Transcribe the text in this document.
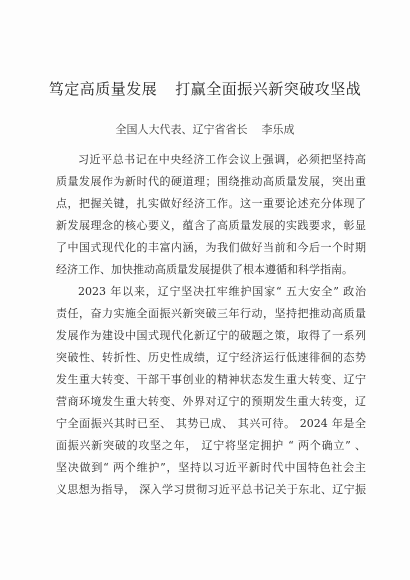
笃定高质量发展 打赢全面振兴新突破攻坚战
全国人大代表、辽宁省省长 李乐成
习近平总书记在中央经济工作会议上强调，必须把坚持高
质量发展作为新时代的硬道理；围绕推动高质量发展，突出重
点，把握关键，扎实做好经济工作。这一重要论述充分体现了
新发展理念的核心要义，蕴含了高质量发展的实践要求，彰显
了中国式现代化的丰富内涵，为我们做好当前和今后一个时期
经济工作、加快推动高质量发展提供了根本遵循和科学指南。
2023 年以来，辽宁坚决扛牢维护国家“ 五大安全” 政治
责任，奋力实施全面振兴新突破三年行动，坚持把推动高质量
发展作为建设中国式现代化新辽宁的破题之策，取得了一系列
突破性、转折性、历史性成绩，辽宁经济运行低速徘徊的态势
发生重大转变、干部干事创业的精神状态发生重大转变、辽宁
营商环境发生重大转变、外界对辽宁的预期发生重大转变，辽
宁全面振兴其时已至、 其势已成、 其兴可待。 2024 年是全
面振兴新突破的攻坚之年， 辽宁将坚定拥护 “ 两个确立” 、
坚决做到“ 两个维护”，坚持以习近平新时代中国特色社会主
义思想为指导， 深入学习贯彻习近平总书记关于东北、辽宁振
